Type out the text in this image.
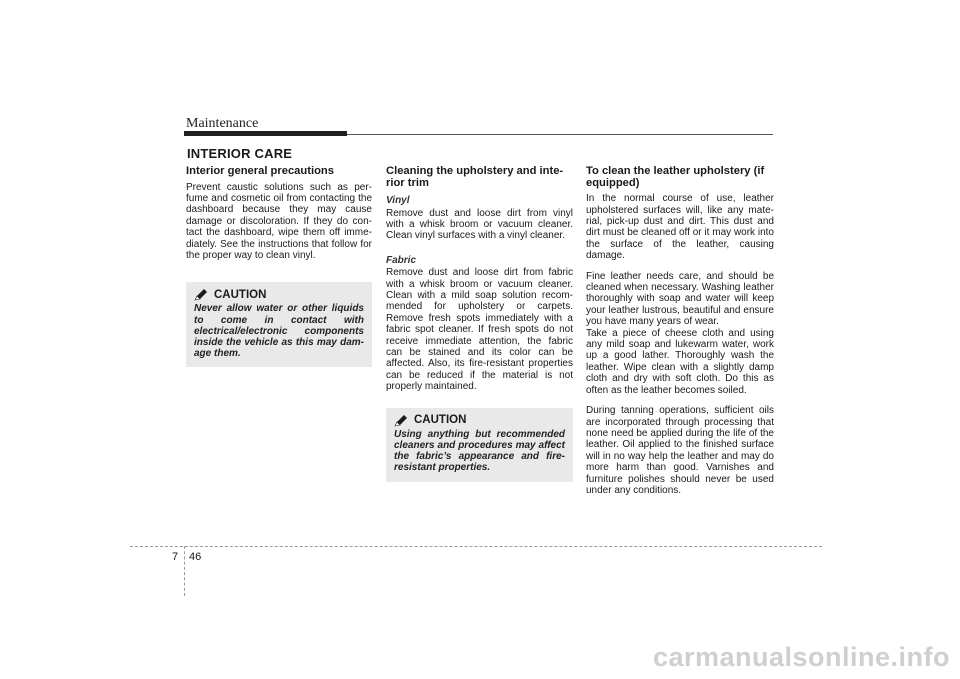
Maintenance
INTERIOR CARE
Interior general precautions

Prevent caustic solutions such as per-fume and cosmetic oil from contacting the dashboard because they may cause damage or discoloration. If they do con-tact the dashboard, wipe them off imme-diately. See the instructions that follow for the proper way to clean vinyl.

CAUTION
Never allow water or other liquids to come in contact with electrical/electronic components inside the vehicle as this may dam-age them.
Cleaning the upholstery and inte-rior trim
Vinyl

Remove dust and loose dirt from vinyl with a whisk broom or vacuum cleaner. Clean vinyl surfaces with a vinyl cleaner.

Fabric

Remove dust and loose dirt from fabric with a whisk broom or vacuum cleaner. Clean with a mild soap solution recom-mended for upholstery or carpets. Remove fresh spots immediately with a fabric spot cleaner. If fresh spots do not receive immediate attention, the fabric can be stained and its color can be affected. Also, its fire-resistant properties can be reduced if the material is not properly maintained.

CAUTION
Using anything but recommended cleaners and procedures may affect the fabric’s appearance and fire-resistant properties.
To clean the leather upholstery (if equipped)

In the normal course of use, leather upholstered surfaces will, like any mate-rial, pick-up dust and dirt. This dust and dirt must be cleaned off or it may work into the surface of the leather, causing damage.

Fine leather needs care, and should be cleaned when necessary. Washing leather thoroughly with soap and water will keep your leather lustrous, beautiful and ensure you have many years of wear.

Take a piece of cheese cloth and using any mild soap and lukewarm water, work up a good lather. Thoroughly wash the leather. Wipe clean with a slightly damp cloth and dry with soft cloth. Do this as often as the leather becomes soiled.

During tanning operations, sufficient oils are incorporated through processing that none need be applied during the life of the leather. Oil applied to the finished surface will in no way help the leather and may do more harm than good. Varnishes and furniture polishes should never be used under any conditions.

7 46
carmanualsonline.info
